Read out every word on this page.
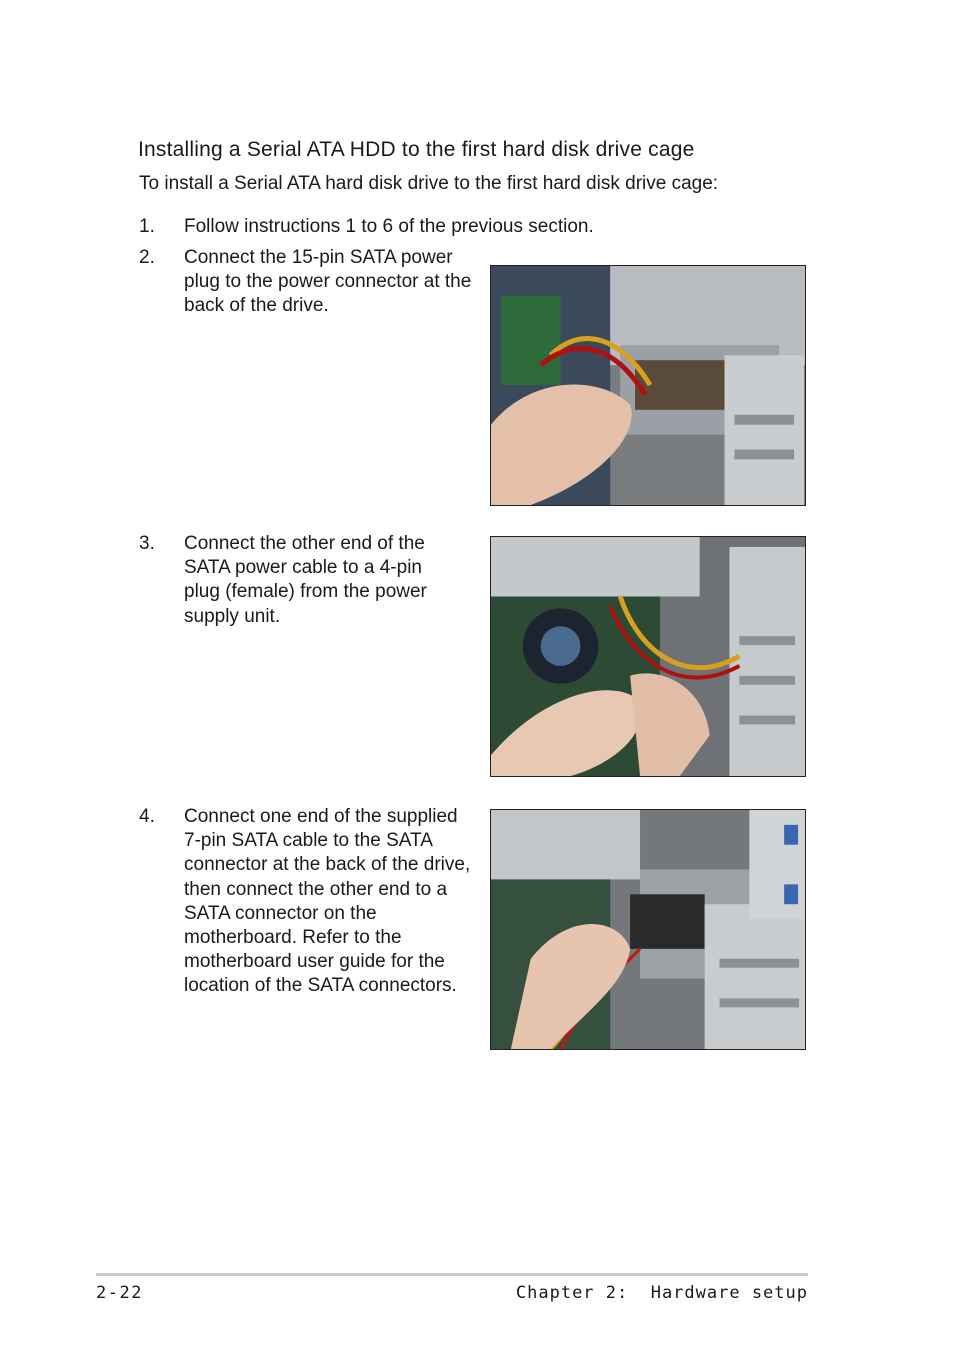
Installing a Serial ATA HDD to the first hard disk drive cage

To install a Serial ATA hard disk drive to the first hard disk drive cage:

1. Follow instructions 1 to 6 of the previous section.
2. Connect the 15-pin SATA power plug to the power connector at the back of the drive.
3. Connect the other end of the SATA power cable to a 4-pin plug (female) from the power supply unit.
4. Connect one end of the supplied 7-pin SATA cable to the SATA connector at the back of the drive, then connect the other end to a SATA connector on the motherboard. Refer to the motherboard user guide for the location of the SATA connectors.
2-22	Chapter 2:  Hardware setup
